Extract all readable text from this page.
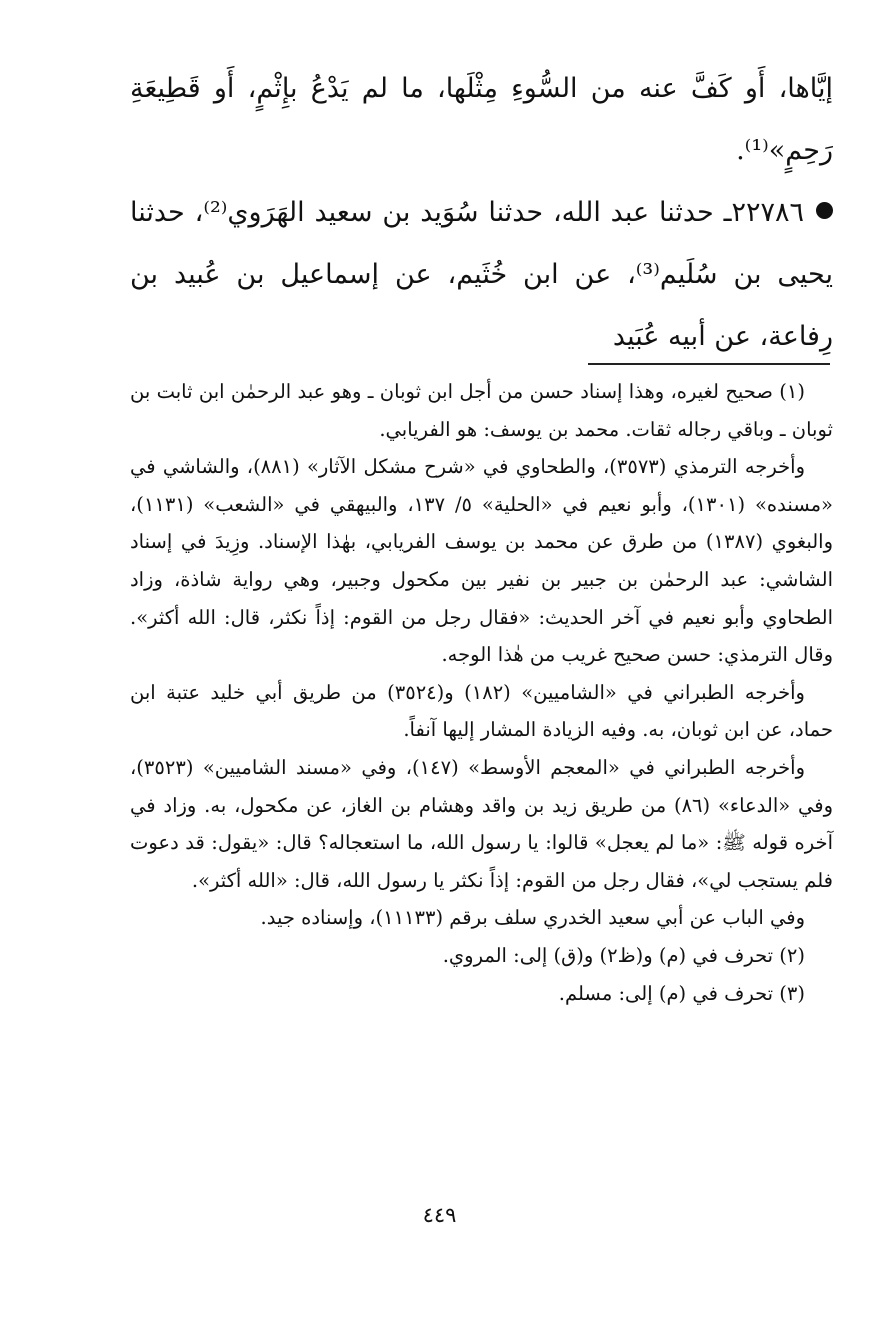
إيَّاها، أَو كَفَّ عنه من السُّوءِ مِثْلَها، ما لم يَدْعُ بإِثْمٍ، أَو قَطِيعَةِ رَحِمٍ»⁽¹⁾.

٢٢٧٨٦ـ حدثنا عبد الله، حدثنا سُوَيد بن سعيد الهَرَوي⁽²⁾، حدثنا يحيى بن سُلَيم⁽³⁾، عن ابن خُثَيم، عن إسماعيل بن عُبيد بن رِفاعة، عن أبيه عُبَيد

(١) صحيح لغيره، وهذا إسناد حسن من أجل ابن ثوبان ـ وهو عبد الرحمٰن ابن ثابت بن ثوبان ـ وباقي رجاله ثقات. محمد بن يوسف: هو الفريابي.

وأخرجه الترمذي (٣٥٧٣)، والطحاوي في «شرح مشكل الآثار» (٨٨١)، والشاشي في «مسنده» (١٣٠١)، وأبو نعيم في «الحلية» ٥/ ١٣٧، والبيهقي في «الشعب» (١١٣١)، والبغوي (١٣٨٧) من طرق عن محمد بن يوسف الفريابي، بهٰذا الإسناد. وزِيدَ في إسناد الشاشي: عبد الرحمٰن بن جبير بن نفير بين مكحول وجبير، وهي رواية شاذة، وزاد الطحاوي وأبو نعيم في آخر الحديث: «فقال رجل من القوم: إذاً نكثر، قال: الله أكثر». وقال الترمذي: حسن صحيح غريب من هٰذا الوجه.

وأخرجه الطبراني في «الشاميين» (١٨٢) و(٣٥٢٤) من طريق أبي خليد عتبة ابن حماد، عن ابن ثوبان، به. وفيه الزيادة المشار إليها آنفاً.

وأخرجه الطبراني في «المعجم الأوسط» (١٤٧)، وفي «مسند الشاميين» (٣٥٢٣)، وفي «الدعاء» (٨٦) من طريق زيد بن واقد وهشام بن الغاز، عن مكحول، به. وزاد في آخره قوله ﷺ: «ما لم يعجل» قالوا: يا رسول الله، ما استعجاله؟ قال: «يقول: قد دعوت فلم يستجب لي»، فقال رجل من القوم: إذاً نكثر يا رسول الله، قال: «الله أكثر».

وفي الباب عن أبي سعيد الخدري سلف برقم (١١١٣٣)، وإسناده جيد.

(٢) تحرف في (م) و(ظ٢) و(ق) إلى: المروي.

(٣) تحرف في (م) إلى: مسلم.

٤٤٩
